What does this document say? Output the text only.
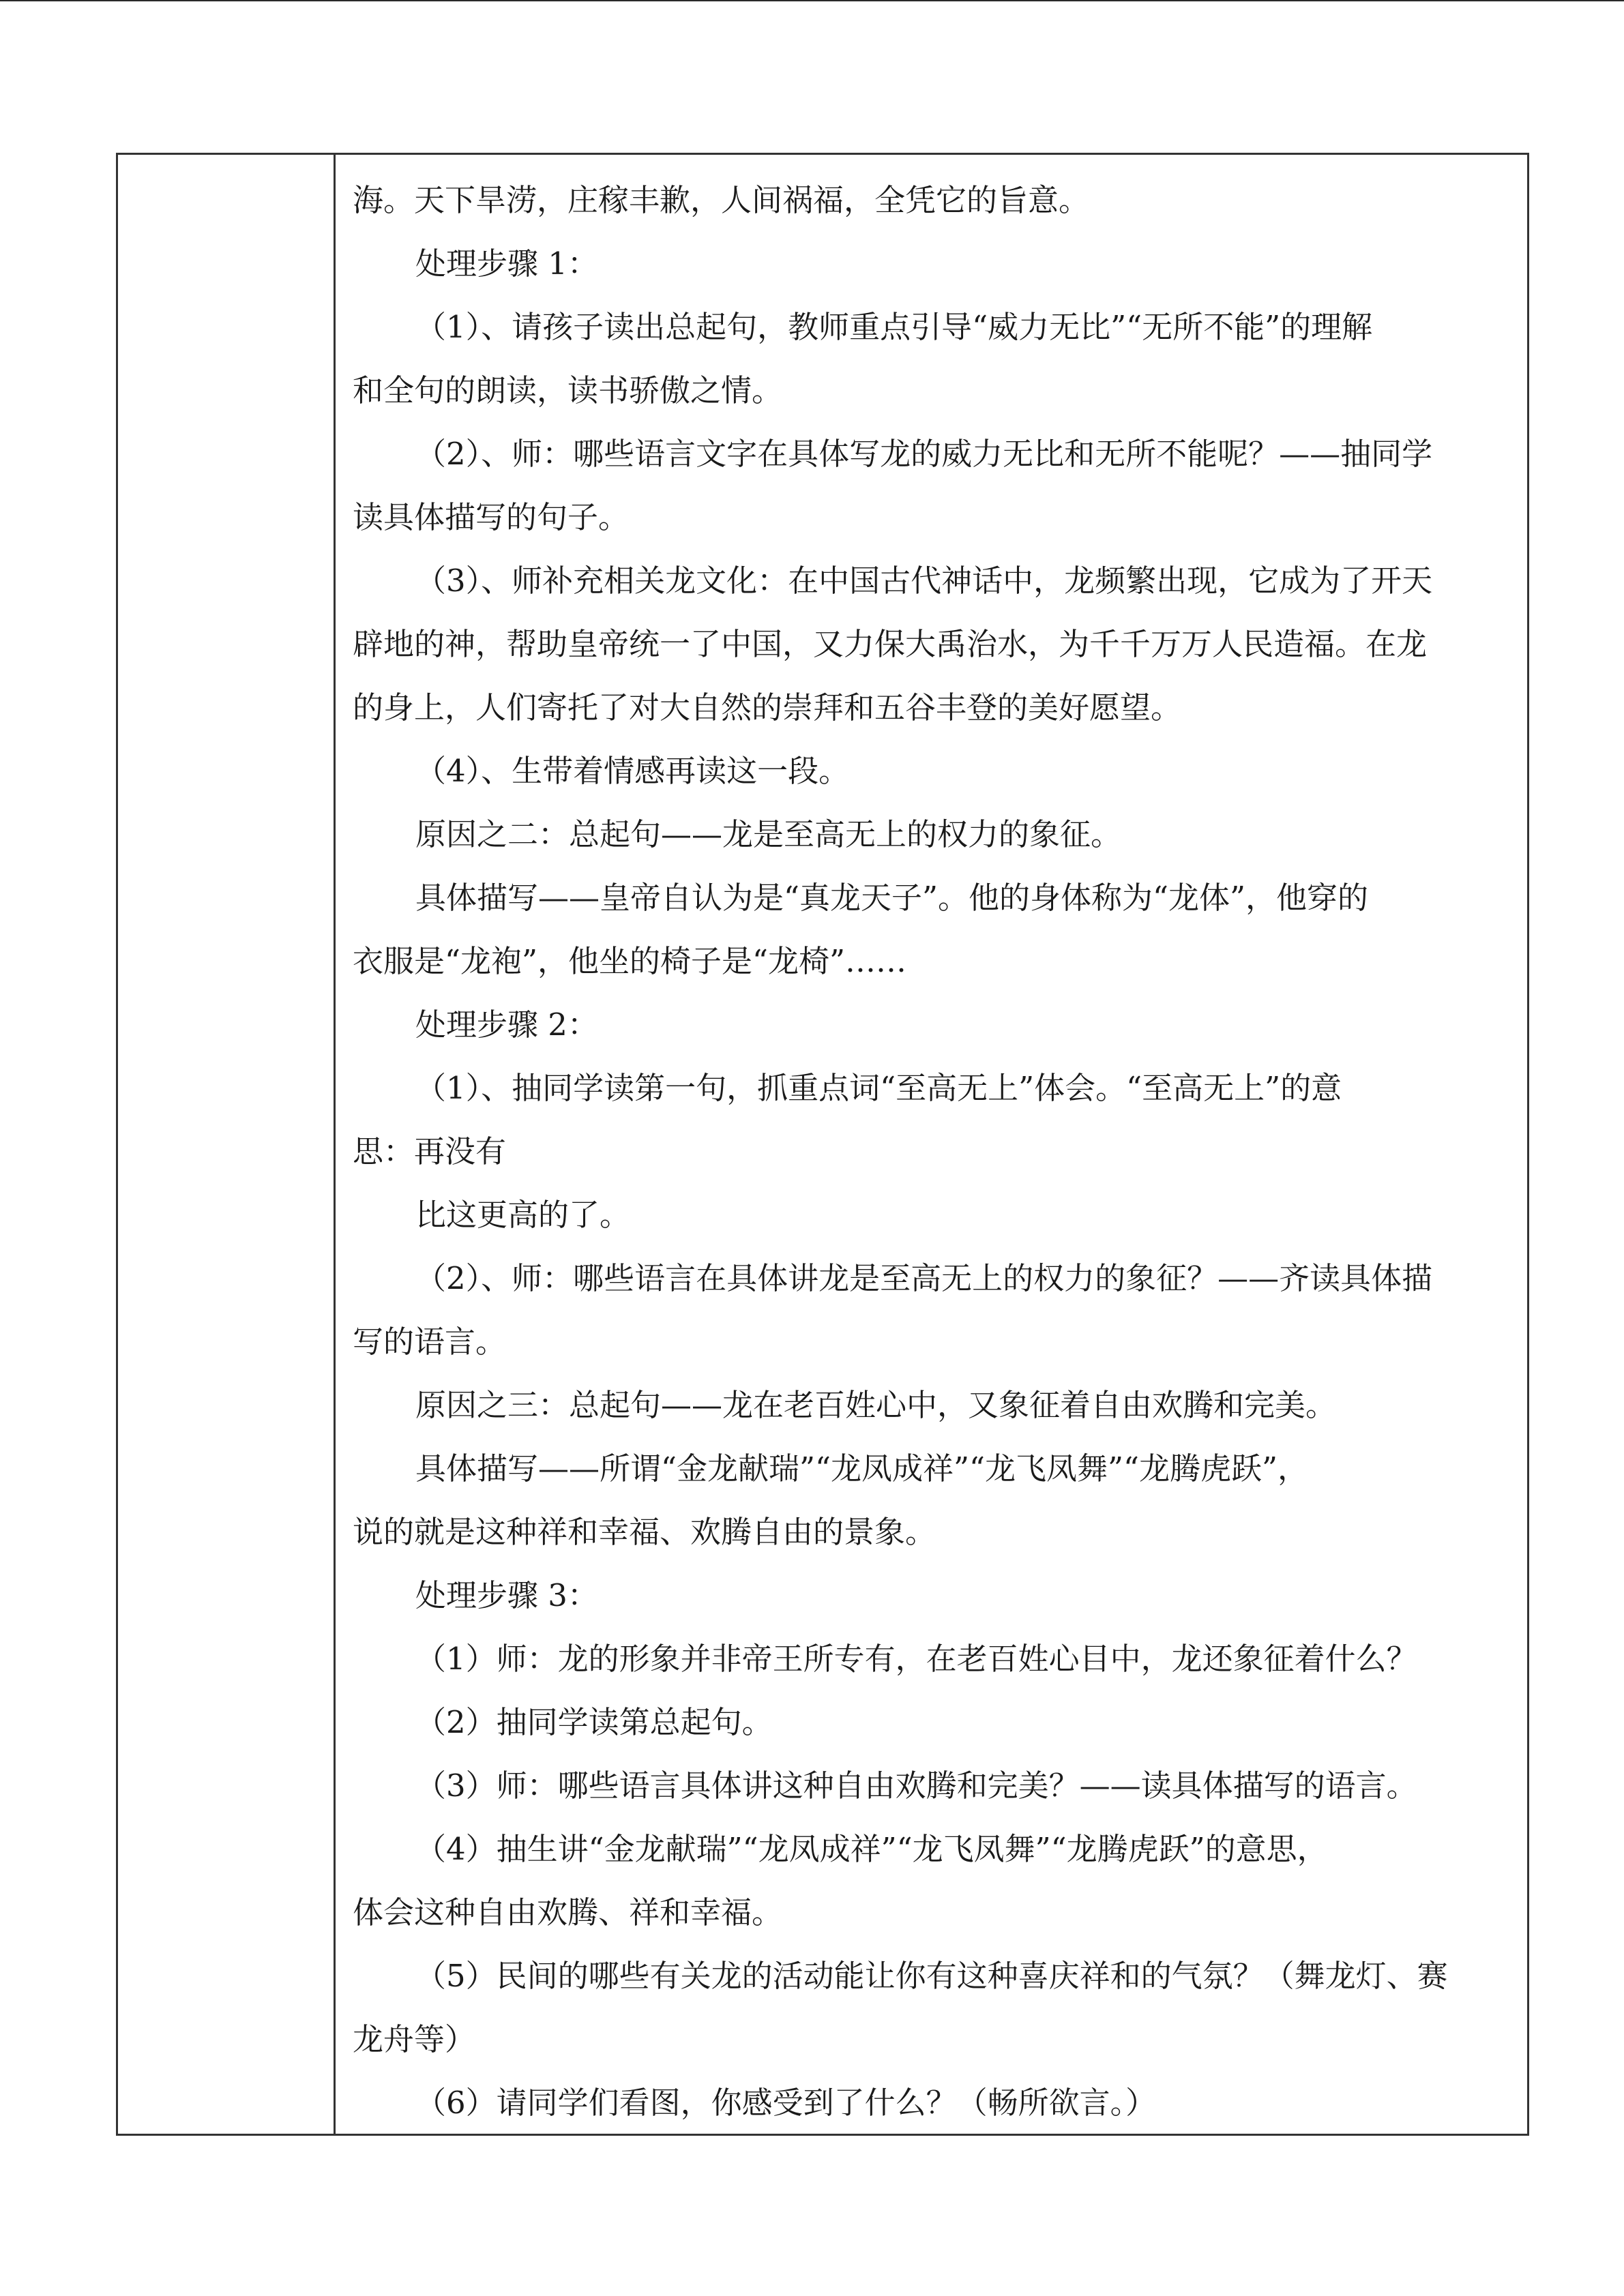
海。天下旱涝，庄稼丰歉，人间祸福，全凭它的旨意。
处理步骤 1：
（1）、请孩子读出总起句，教师重点引导“威力无比”“无所不能”的理解
和全句的朗读，读书骄傲之情。
（2）、师：哪些语言文字在具体写龙的威力无比和无所不能呢？——抽同学
读具体描写的句子。
（3）、师补充相关龙文化：在中国古代神话中，龙频繁出现，它成为了开天
辟地的神，帮助皇帝统一了中国，又力保大禹治水，为千千万万人民造福。在龙
的身上，人们寄托了对大自然的崇拜和五谷丰登的美好愿望。
（4）、生带着情感再读这一段。
原因之二：总起句——龙是至高无上的权力的象征。
具体描写——皇帝自认为是“真龙天子”。他的身体称为“龙体”，他穿的
衣服是“龙袍”，他坐的椅子是“龙椅”……
处理步骤 2：
（1）、抽同学读第一句，抓重点词“至高无上”体会。“至高无上”的意
思：再没有
比这更高的了。
（2）、师：哪些语言在具体讲龙是至高无上的权力的象征？——齐读具体描
写的语言。
原因之三：总起句——龙在老百姓心中，又象征着自由欢腾和完美。
具体描写——所谓“金龙献瑞”“龙凤成祥”“龙飞凤舞”“龙腾虎跃”，
说的就是这种祥和幸福、欢腾自由的景象。
处理步骤 3：
（1）师：龙的形象并非帝王所专有，在老百姓心目中，龙还象征着什么？
（2）抽同学读第总起句。
（3）师：哪些语言具体讲这种自由欢腾和完美？——读具体描写的语言。
（4）抽生讲“金龙献瑞”“龙凤成祥”“龙飞凤舞”“龙腾虎跃”的意思，
体会这种自由欢腾、祥和幸福。
（5）民间的哪些有关龙的活动能让你有这种喜庆祥和的气氛？（舞龙灯、赛
龙舟等）
（6）请同学们看图，你感受到了什么？（畅所欲言。）
